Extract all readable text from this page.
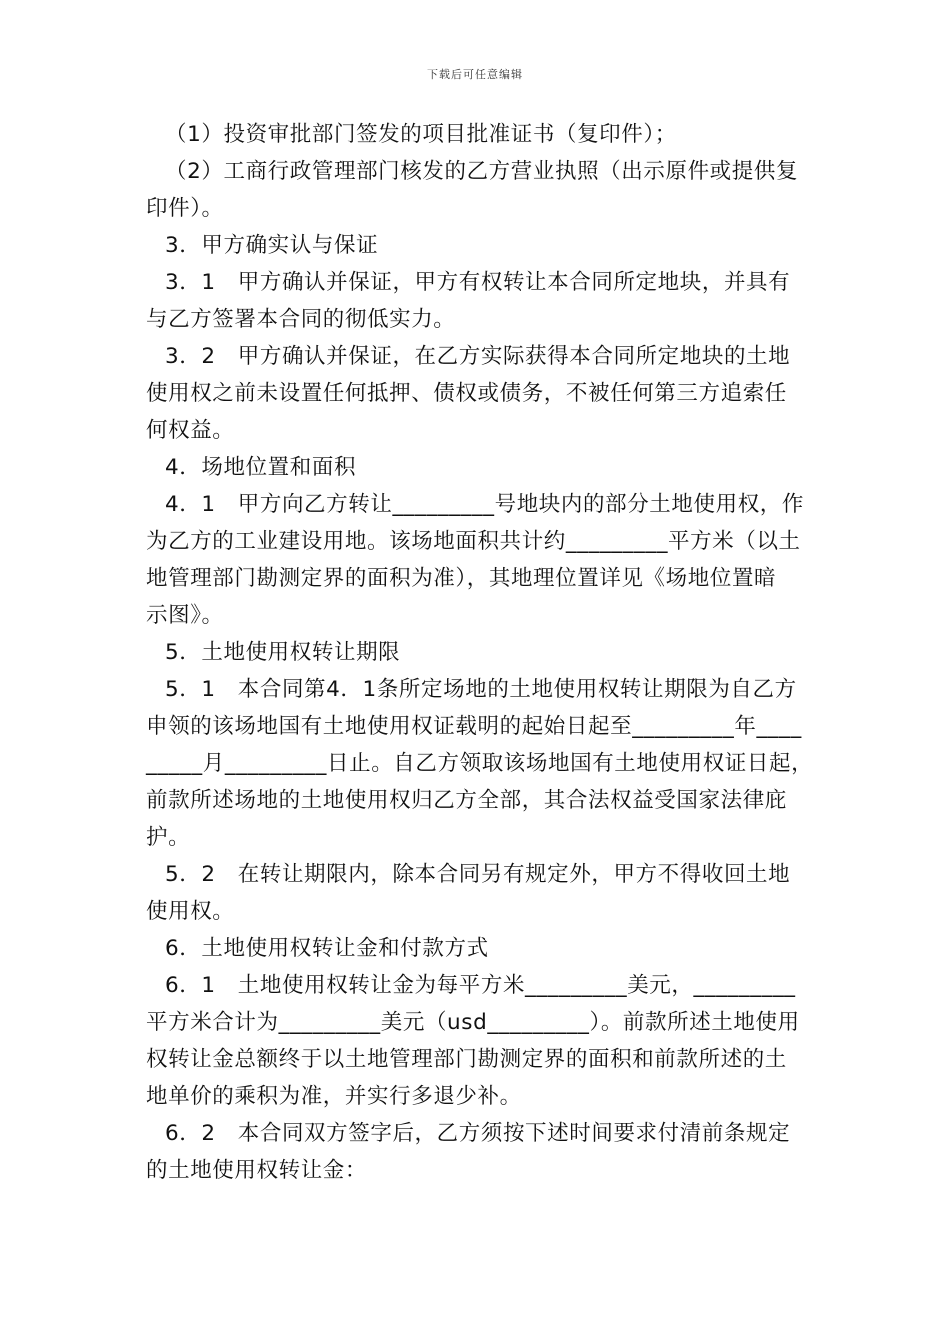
下载后可任意编辑
（1）投资审批部门签发的项目批准证书（复印件）；
（2）工商行政管理部门核发的乙方营业执照（出示原件或提供复
印件）。
3．甲方确实认与保证
3．1　甲方确认并保证，甲方有权转让本合同所定地块，并具有
与乙方签署本合同的彻低实力。
3．2　甲方确认并保证，在乙方实际获得本合同所定地块的土地
使用权之前未设置任何抵押、债权或债务，不被任何第三方追索任
何权益。
4．场地位置和面积
4．1　甲方向乙方转让_________号地块内的部分土地使用权，作
为乙方的工业建设用地。该场地面积共计约_________平方米（以土
地管理部门勘测定界的面积为准），其地理位置详见《场地位置暗
示图》。
5．土地使用权转让期限
5．1　本合同第4．1条所定场地的土地使用权转让期限为自乙方
申领的该场地国有土地使用权证载明的起始日起至_________年____
_____月_________日止。自乙方领取该场地国有土地使用权证日起，
前款所述场地的土地使用权归乙方全部，其合法权益受国家法律庇
护。
5．2　在转让期限内，除本合同另有规定外，甲方不得收回土地
使用权。
6．土地使用权转让金和付款方式
6．1　土地使用权转让金为每平方米_________美元，_________
平方米合计为_________美元（usd_________）。前款所述土地使用
权转让金总额终于以土地管理部门勘测定界的面积和前款所述的土
地单价的乘积为准，并实行多退少补。
6．2　本合同双方签字后，乙方须按下述时间要求付清前条规定
的土地使用权转让金：
